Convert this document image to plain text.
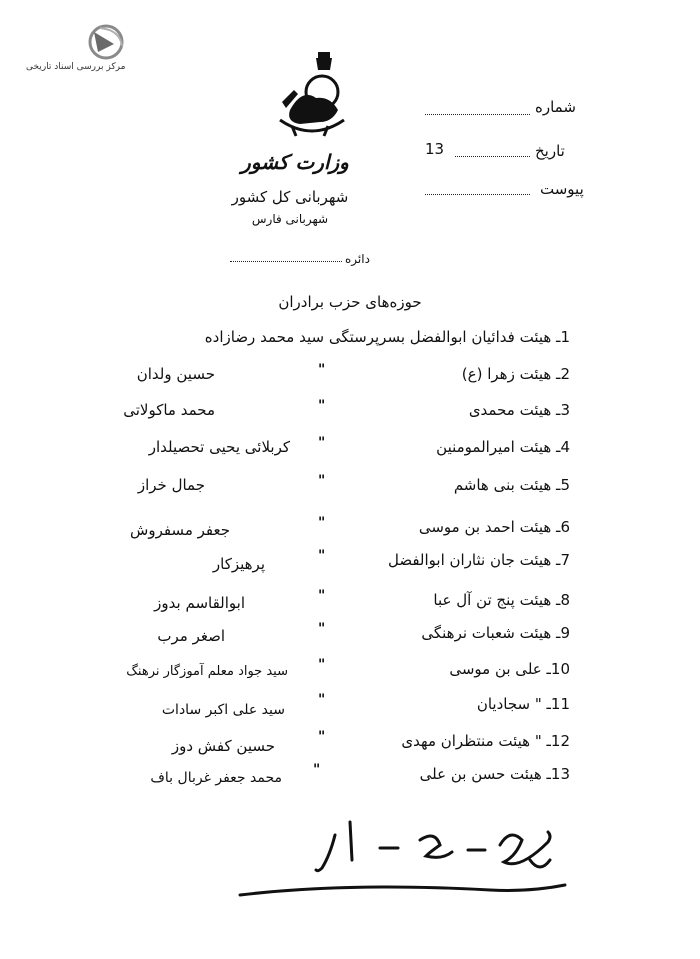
مرکز بررسی اسناد تاریخی
وزارت کشور
شهربانی کل کشور
شهربانی فارس
شماره
تاریخ
13
پیوست
دائره
حوزه‌های حزب برادران
1ـ هیئت فدائیان ابوالفضل بسرپرستگی سید محمد رضازاده
2ـ هیئت زهرا (ع)
"
حسین ولدان
3ـ هیئت محمدی
"
محمد ماکولاتی
4ـ هیئت امیرالمومنین
"
کربلائی یحیی تحصیلدار
5ـ هیئت بنی هاشم
"
جمال خراز
6ـ هیئت احمد بن موسی
"
جعفر مسفروش
7ـ هیئت جان نثاران ابوالفضل
"
پرهیزکار
8ـ هیئت پنج تن آل عبا
"
ابوالقاسم بدوز
9ـ هیئت شعبات نرهنگی
"
اصغر مرب
10ـ علی بن موسی
"
سید جواد معلم آموزگار نرهنگ
11ـ " سجادیان
"
سید علی اکبر سادات
12ـ " هیئت منتظران مهدی
"
حسین کفش دوز
13ـ هیئت حسن بن علی
"
محمد جعفر غربال باف
